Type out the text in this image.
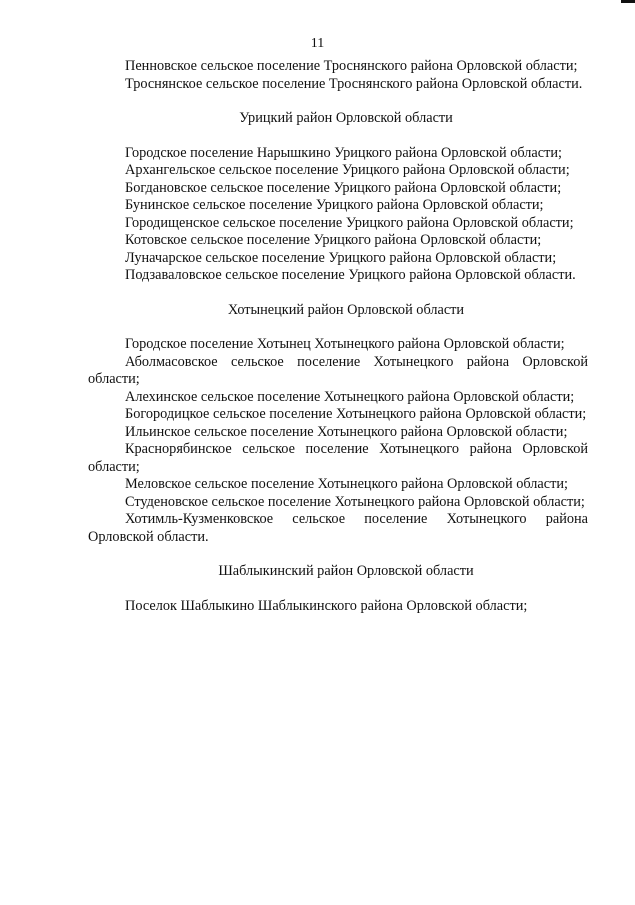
11

Пенновское сельское поселение Троснянского района Орловской области;

Троснянское сельское поселение Троснянского района Орловской области.

Урицкий район Орловской области

Городское поселение Нарышкино Урицкого района Орловской области;

Архангельское сельское поселение Урицкого района Орловской области;

Богдановское сельское поселение Урицкого района Орловской области;

Бунинское сельское поселение Урицкого района Орловской области;

Городищенское сельское поселение Урицкого района Орловской области;

Котовское сельское поселение Урицкого района Орловской области;

Луначарское сельское поселение Урицкого района Орловской области;

Подзаваловское сельское поселение Урицкого района Орловской области.

Хотынецкий район Орловской области

Городское поселение Хотынец Хотынецкого района Орловской области;

Аболмасовское сельское поселение Хотынецкого района Орловской области;

Алехинское сельское поселение Хотынецкого района Орловской области;

Богородицкое сельское поселение Хотынецкого района Орловской области;

Ильинское сельское поселение Хотынецкого района Орловской области;

Краснорябинское сельское поселение Хотынецкого района Орловской области;

Меловское сельское поселение Хотынецкого района Орловской области;

Студеновское сельское поселение Хотынецкого района Орловской области;

Хотимль-Кузменковское сельское поселение Хотынецкого района Орловской области.

Шаблыкинский район Орловской области

Поселок Шаблыкино Шаблыкинского района Орловской области;
